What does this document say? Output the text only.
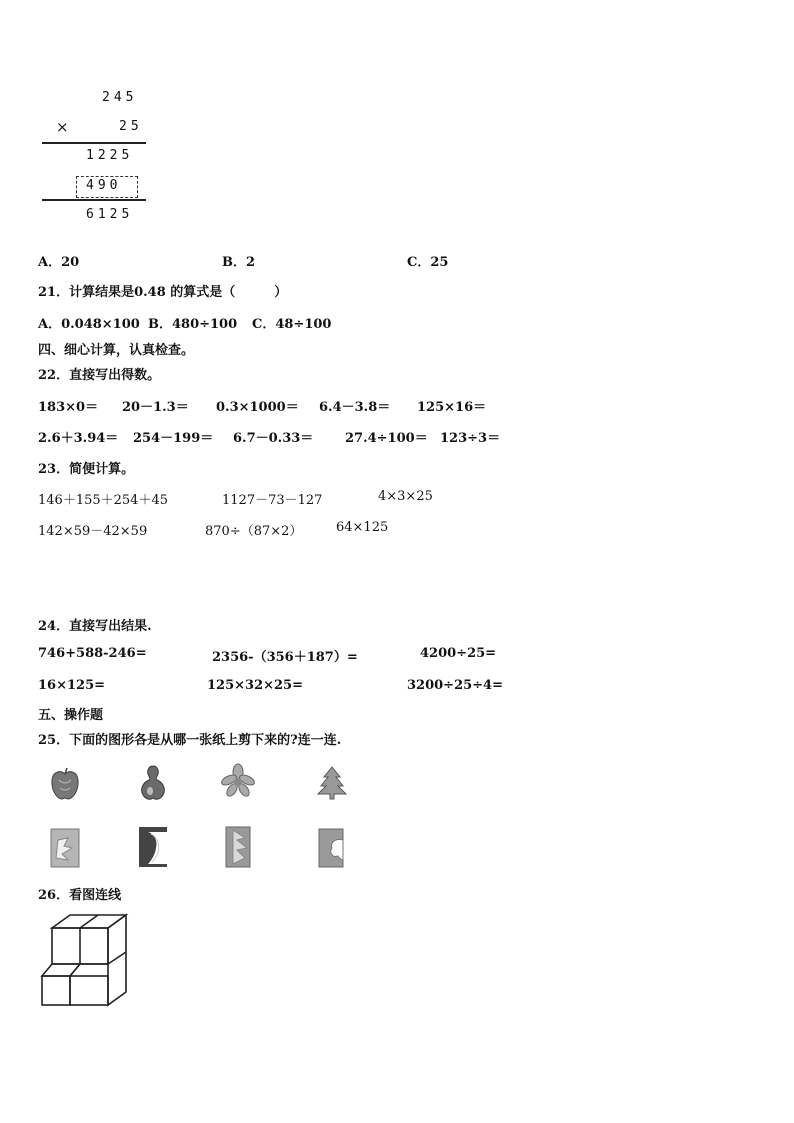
245
×	25
1225
490
6125
A．20	B．2	C．25
21．计算结果是0.48 的算式是（　　　）
A．0.048×100 B．480÷100 C．48÷100
四、细心计算，认真检查。
22．直接写出得数。
183×0＝ 20－1.3＝ 0.3×1000＝ 6.4－3.8＝ 125×16＝
2.6＋3.94＝ 254－199＝ 6.7－0.33＝ 27.4÷100＝ 123÷3＝
23．简便计算。
146＋155＋254＋45	1127－73－127	4×3×25
142×59－42×59	870÷（87×2）	64×125
24．直接写出结果.
746+588-246=	2356-（356＋187）=	4200÷25=
16×125=	125×32×25=	3200÷25÷4=
五、操作题
25．下面的图形各是从哪一张纸上剪下来的?连一连.
26．看图连线
